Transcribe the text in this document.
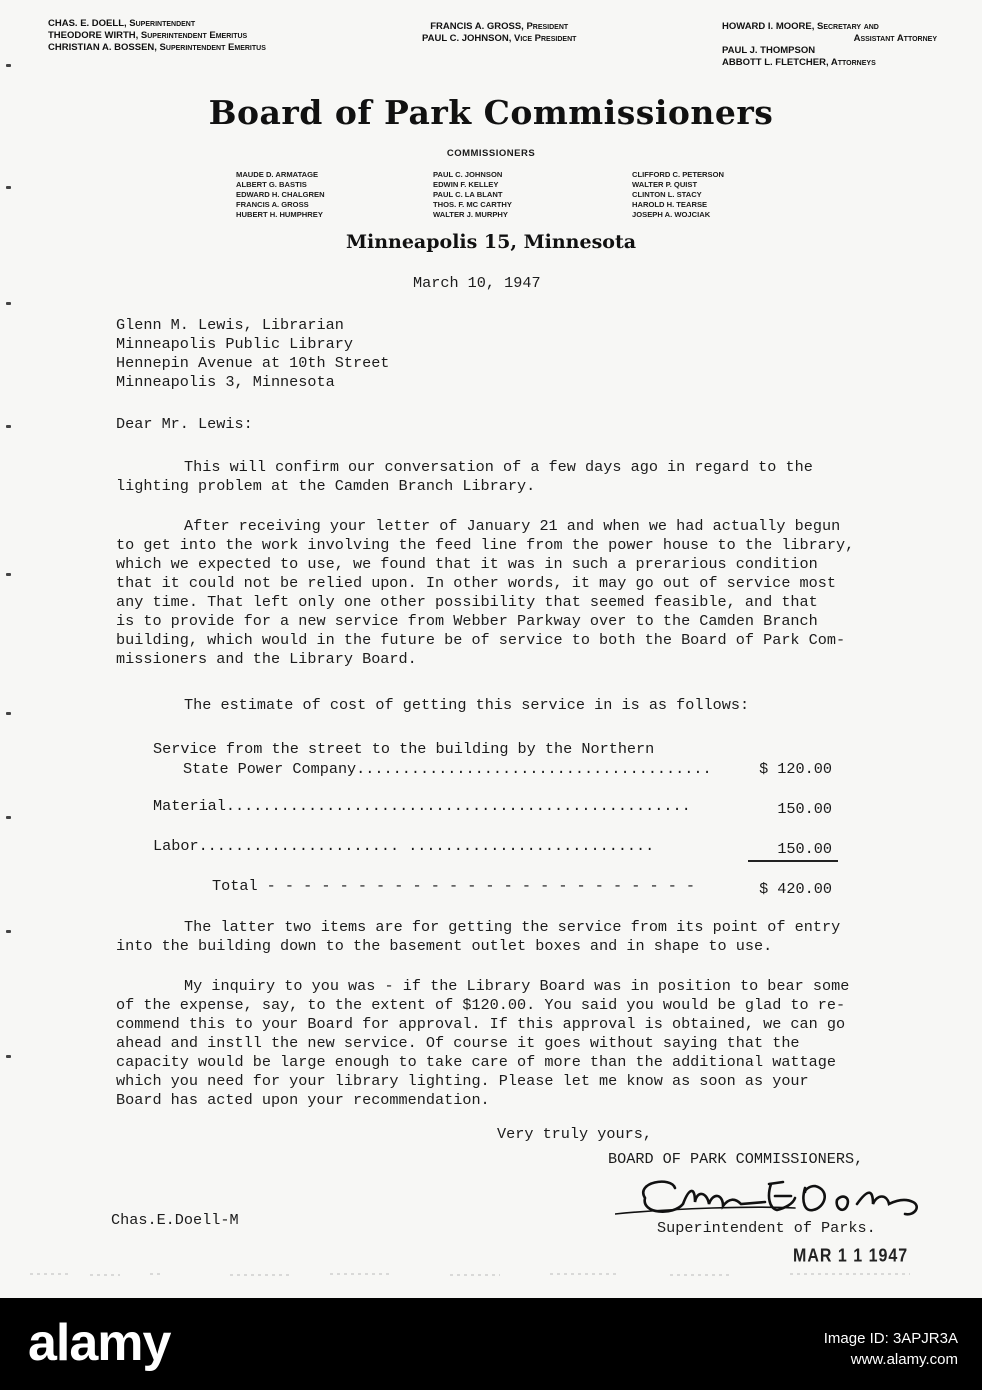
CHAS. E. DOELL, Superintendent
THEODORE WIRTH, Superintendent Emeritus
CHRISTIAN A. BOSSEN, Superintendent Emeritus
FRANCIS A. GROSS, President
PAUL C. JOHNSON, Vice President
HOWARD I. MOORE, Secretary and
Assistant Attorney
PAUL J. THOMPSON
ABBOTT L. FLETCHER, Attorneys
Board of Park Commissioners
COMMISSIONERS
MAUDE D. ARMATAGE
ALBERT G. BASTIS
EDWARD H. CHALGREN
FRANCIS A. GROSS
HUBERT H. HUMPHREY
PAUL C. JOHNSON
EDWIN F. KELLEY
PAUL C. LA BLANT
THOS. F. MC CARTHY
WALTER J. MURPHY
CLIFFORD C. PETERSON
WALTER P. QUIST
CLINTON L. STACY
HAROLD H. TEARSE
JOSEPH A. WOJCIAK
Minneapolis 15, Minnesota
March 10, 1947
Glenn M. Lewis, Librarian
Minneapolis Public Library
Hennepin Avenue at 10th Street
Minneapolis 3, Minnesota
Dear Mr. Lewis:
This will confirm our conversation of a few days ago in regard to the
lighting problem at the Camden Branch Library.
After receiving your letter of January 21 and when we had actually begun
to get into the work involving the feed line from the power house to the library,
which we expected to use, we found that it was in such a prerarious condition
that it could not be relied upon. In other words, it may go out of service most
any time. That left only one other possibility that seemed feasible, and that
is to provide for a new service from Webber Parkway over to the Camden Branch
building, which would in the future be of service to both the Board of Park Com-
missioners and the Library Board.
The estimate of cost of getting this service in is as follows:
Service from the street to the building by the Northern
State Power Company.......................................	$ 120.00
Material...................................................	150.00
Labor...................... ...........................	150.00
Total - - - - - - - - - - - - - - - - - - - - - - - -	$ 420.00
The latter two items are for getting the service from its point of entry
into the building down to the basement outlet boxes and in shape to use.
My inquiry to you was - if the Library Board was in position to bear some
of the expense, say, to the extent of $120.00. You said you would be glad to re-
commend this to your Board for approval. If this approval is obtained, we can go
ahead and instll the new service. Of course it goes without saying that the
capacity would be large enough to take care of more than the additional wattage
which you need for your library lighting. Please let me know as soon as your
Board has acted upon your recommendation.
Very truly yours,
BOARD OF PARK COMMISSIONERS,
Superintendent of Parks.
Chas.E.Doell-M
MAR 1 1 1947
alamy	Image ID: 3APJR3A
www.alamy.com
